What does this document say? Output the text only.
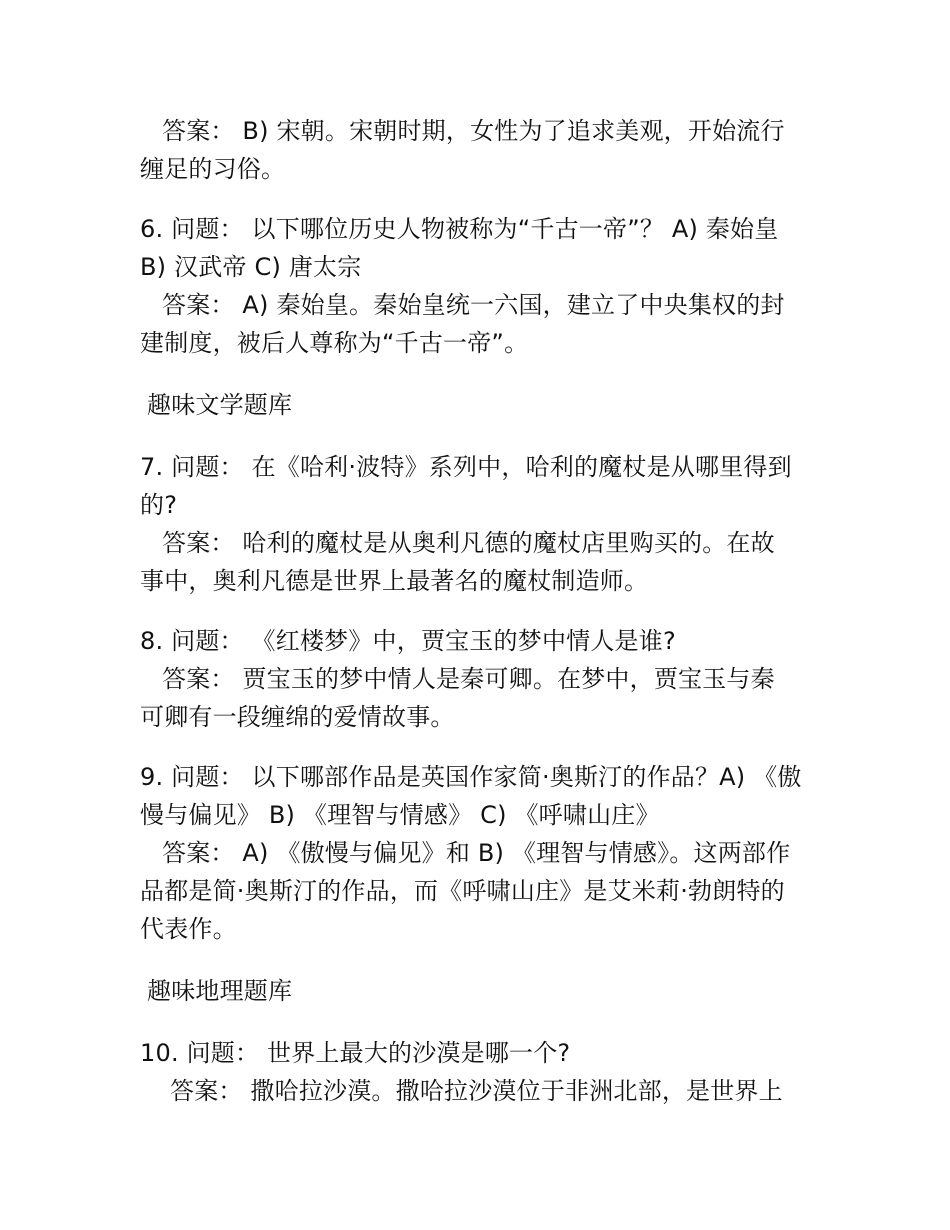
答案： B) 宋朝。宋朝时期，女性为了追求美观，开始流行
缠足的习俗。
6. 问题： 以下哪位历史人物被称为“千古一帝”？ A) 秦始皇
B) 汉武帝 C) 唐太宗
答案： A) 秦始皇。秦始皇统一六国，建立了中央集权的封
建制度，被后人尊称为“千古一帝”。
趣味文学题库
7. 问题： 在《哈利·波特》系列中，哈利的魔杖是从哪里得到
的?
答案： 哈利的魔杖是从奥利凡德的魔杖店里购买的。在故
事中，奥利凡德是世界上最著名的魔杖制造师。
8. 问题： 《红楼梦》中，贾宝玉的梦中情人是谁?
答案： 贾宝玉的梦中情人是秦可卿。在梦中，贾宝玉与秦
可卿有一段缠绵的爱情故事。
9. 问题： 以下哪部作品是英国作家简·奥斯汀的作品？A) 《傲
慢与偏见》 B) 《理智与情感》 C) 《呼啸山庄》
答案： A) 《傲慢与偏见》和 B) 《理智与情感》。这两部作
品都是简·奥斯汀的作品，而《呼啸山庄》是艾米莉·勃朗特的
代表作。
趣味地理题库
10. 问题： 世界上最大的沙漠是哪一个?
答案： 撒哈拉沙漠。撒哈拉沙漠位于非洲北部，是世界上
